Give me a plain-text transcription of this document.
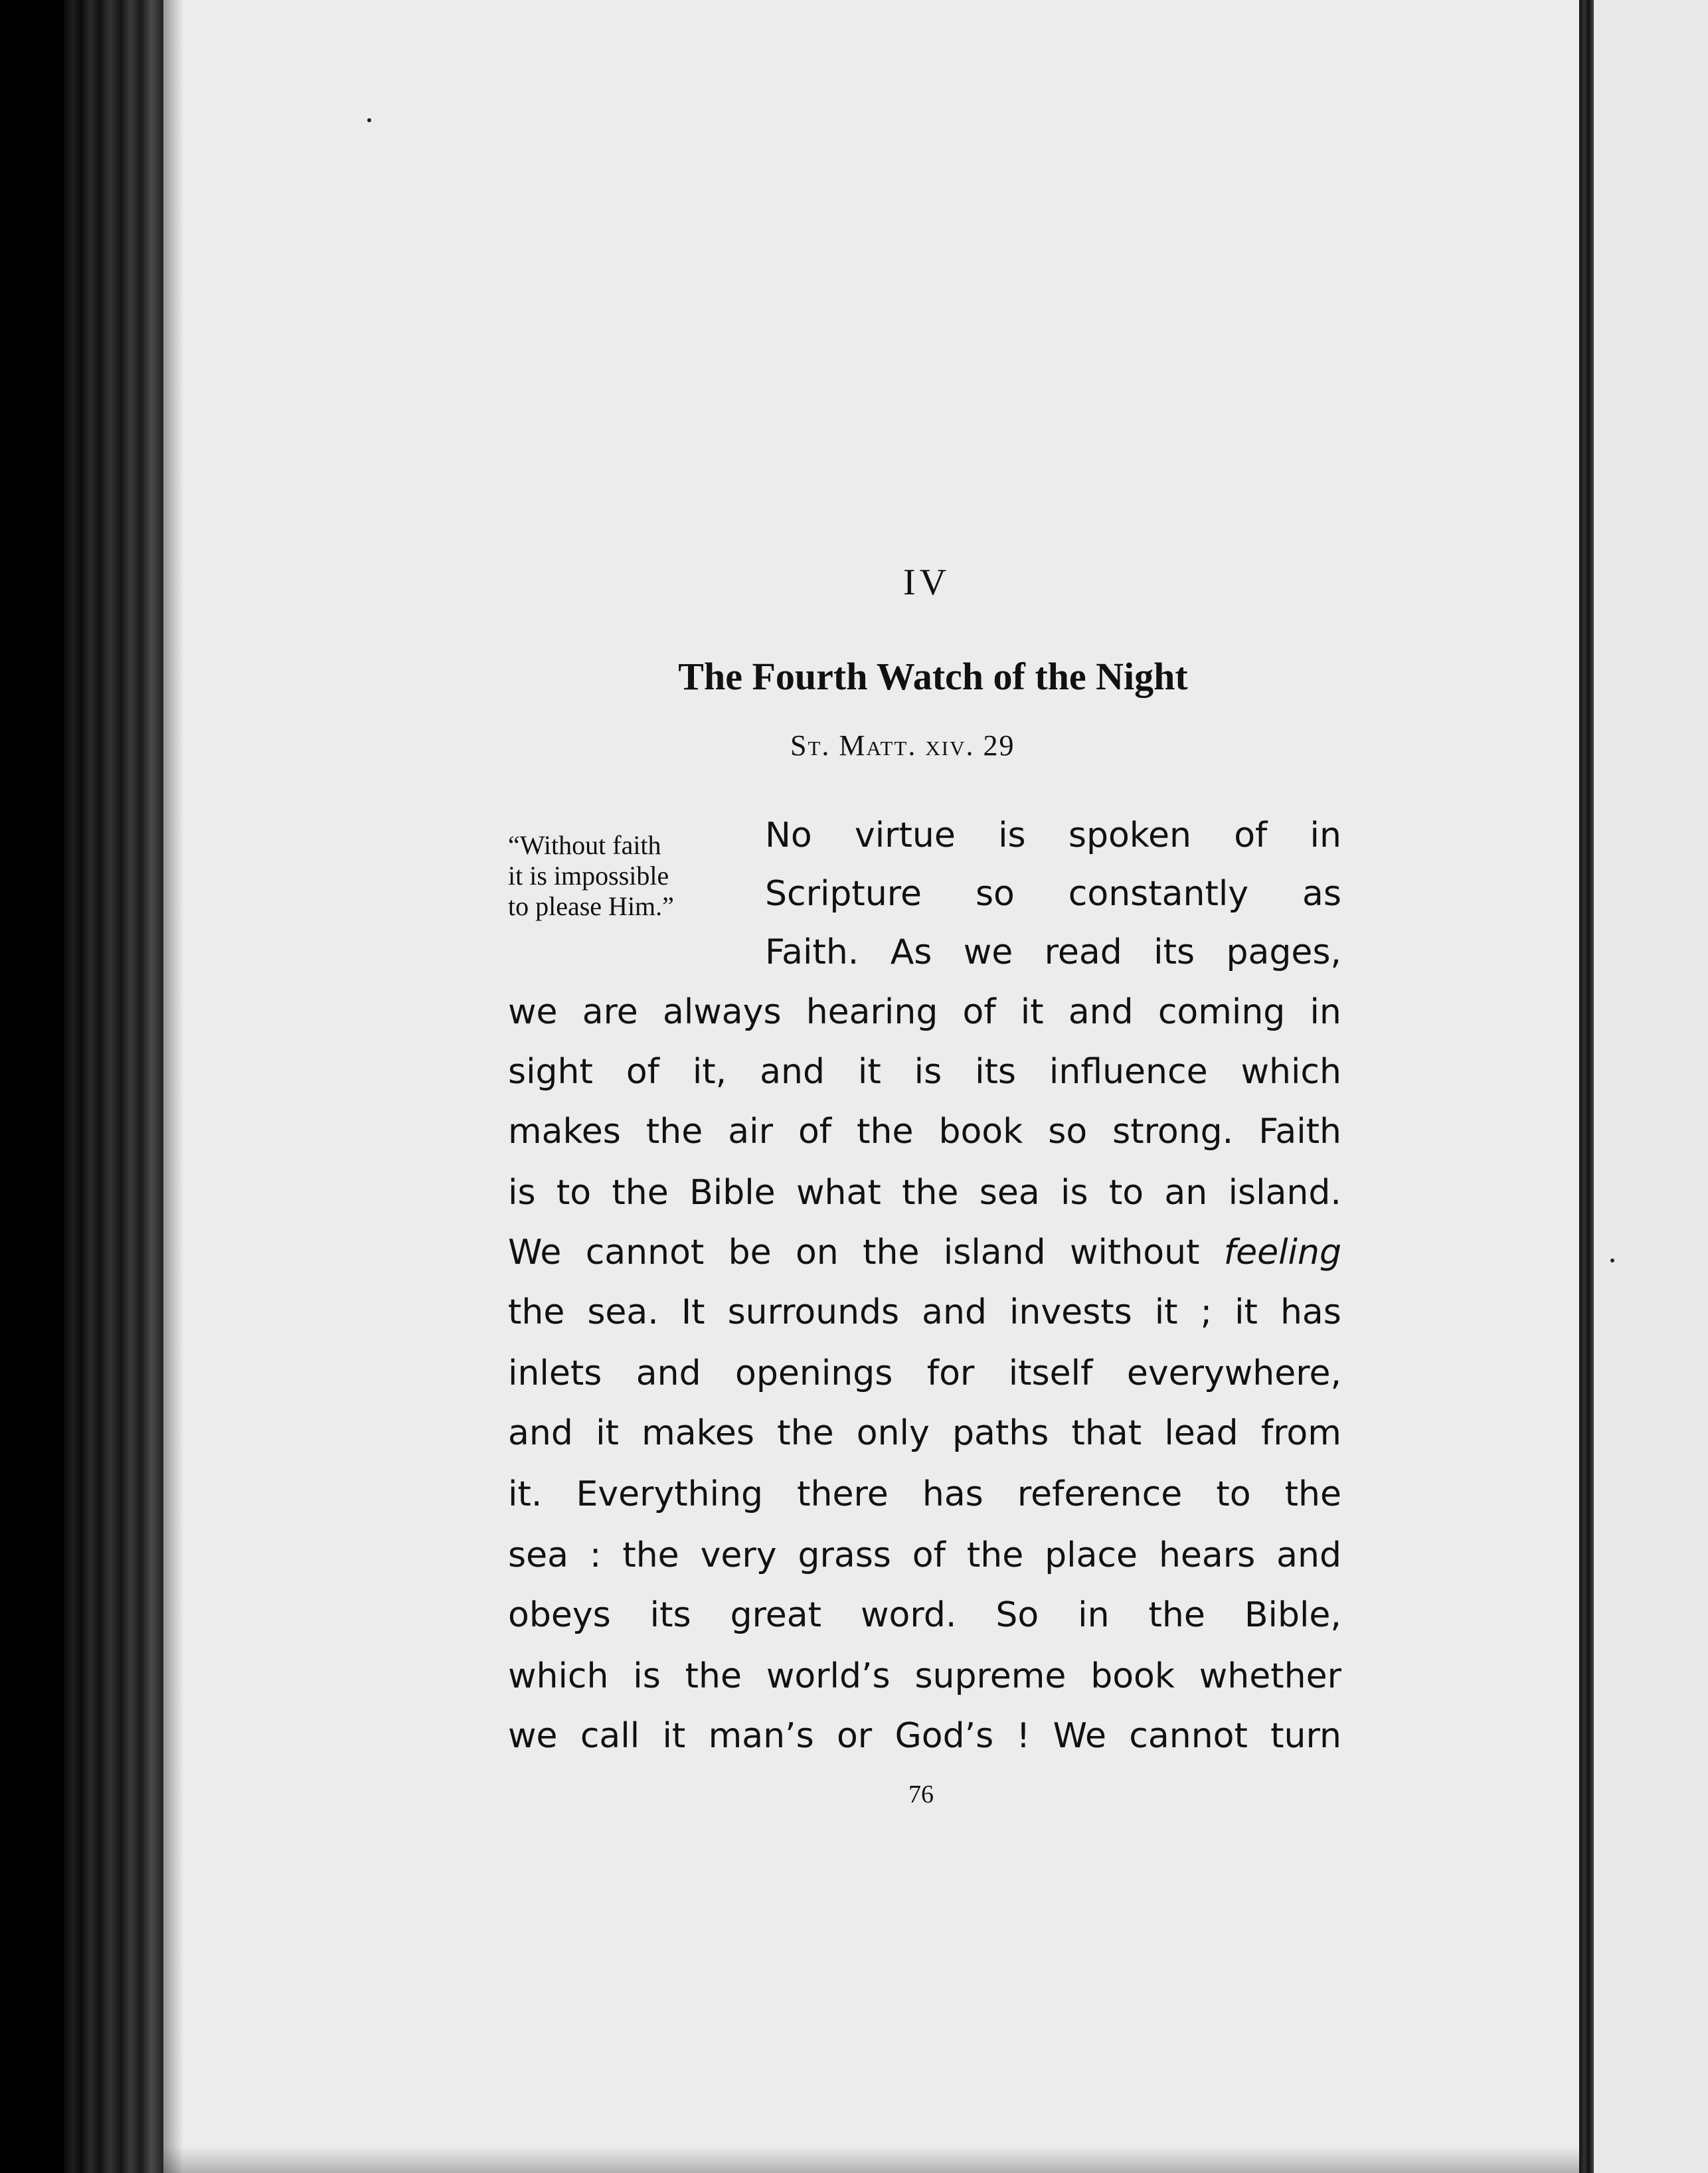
IV
The Fourth Watch of the Night
St. Matt. xiv. 29
“Without faith
it is impossible
to please Him.”
No virtue is spoken of in
Scripture so constantly as
Faith. As we read its pages,
we are always hearing of it and coming in
sight of it, and it is its influence which
makes the air of the book so strong. Faith
is to the Bible what the sea is to an island.
We cannot be on the island without feeling
the sea. It surrounds and invests it ; it has
inlets and openings for itself everywhere,
and it makes the only paths that lead from
it. Everything there has reference to the
sea : the very grass of the place hears and
obeys its great word. So in the Bible,
which is the world’s supreme book whether
we call it man’s or God’s ! We cannot turn
76
